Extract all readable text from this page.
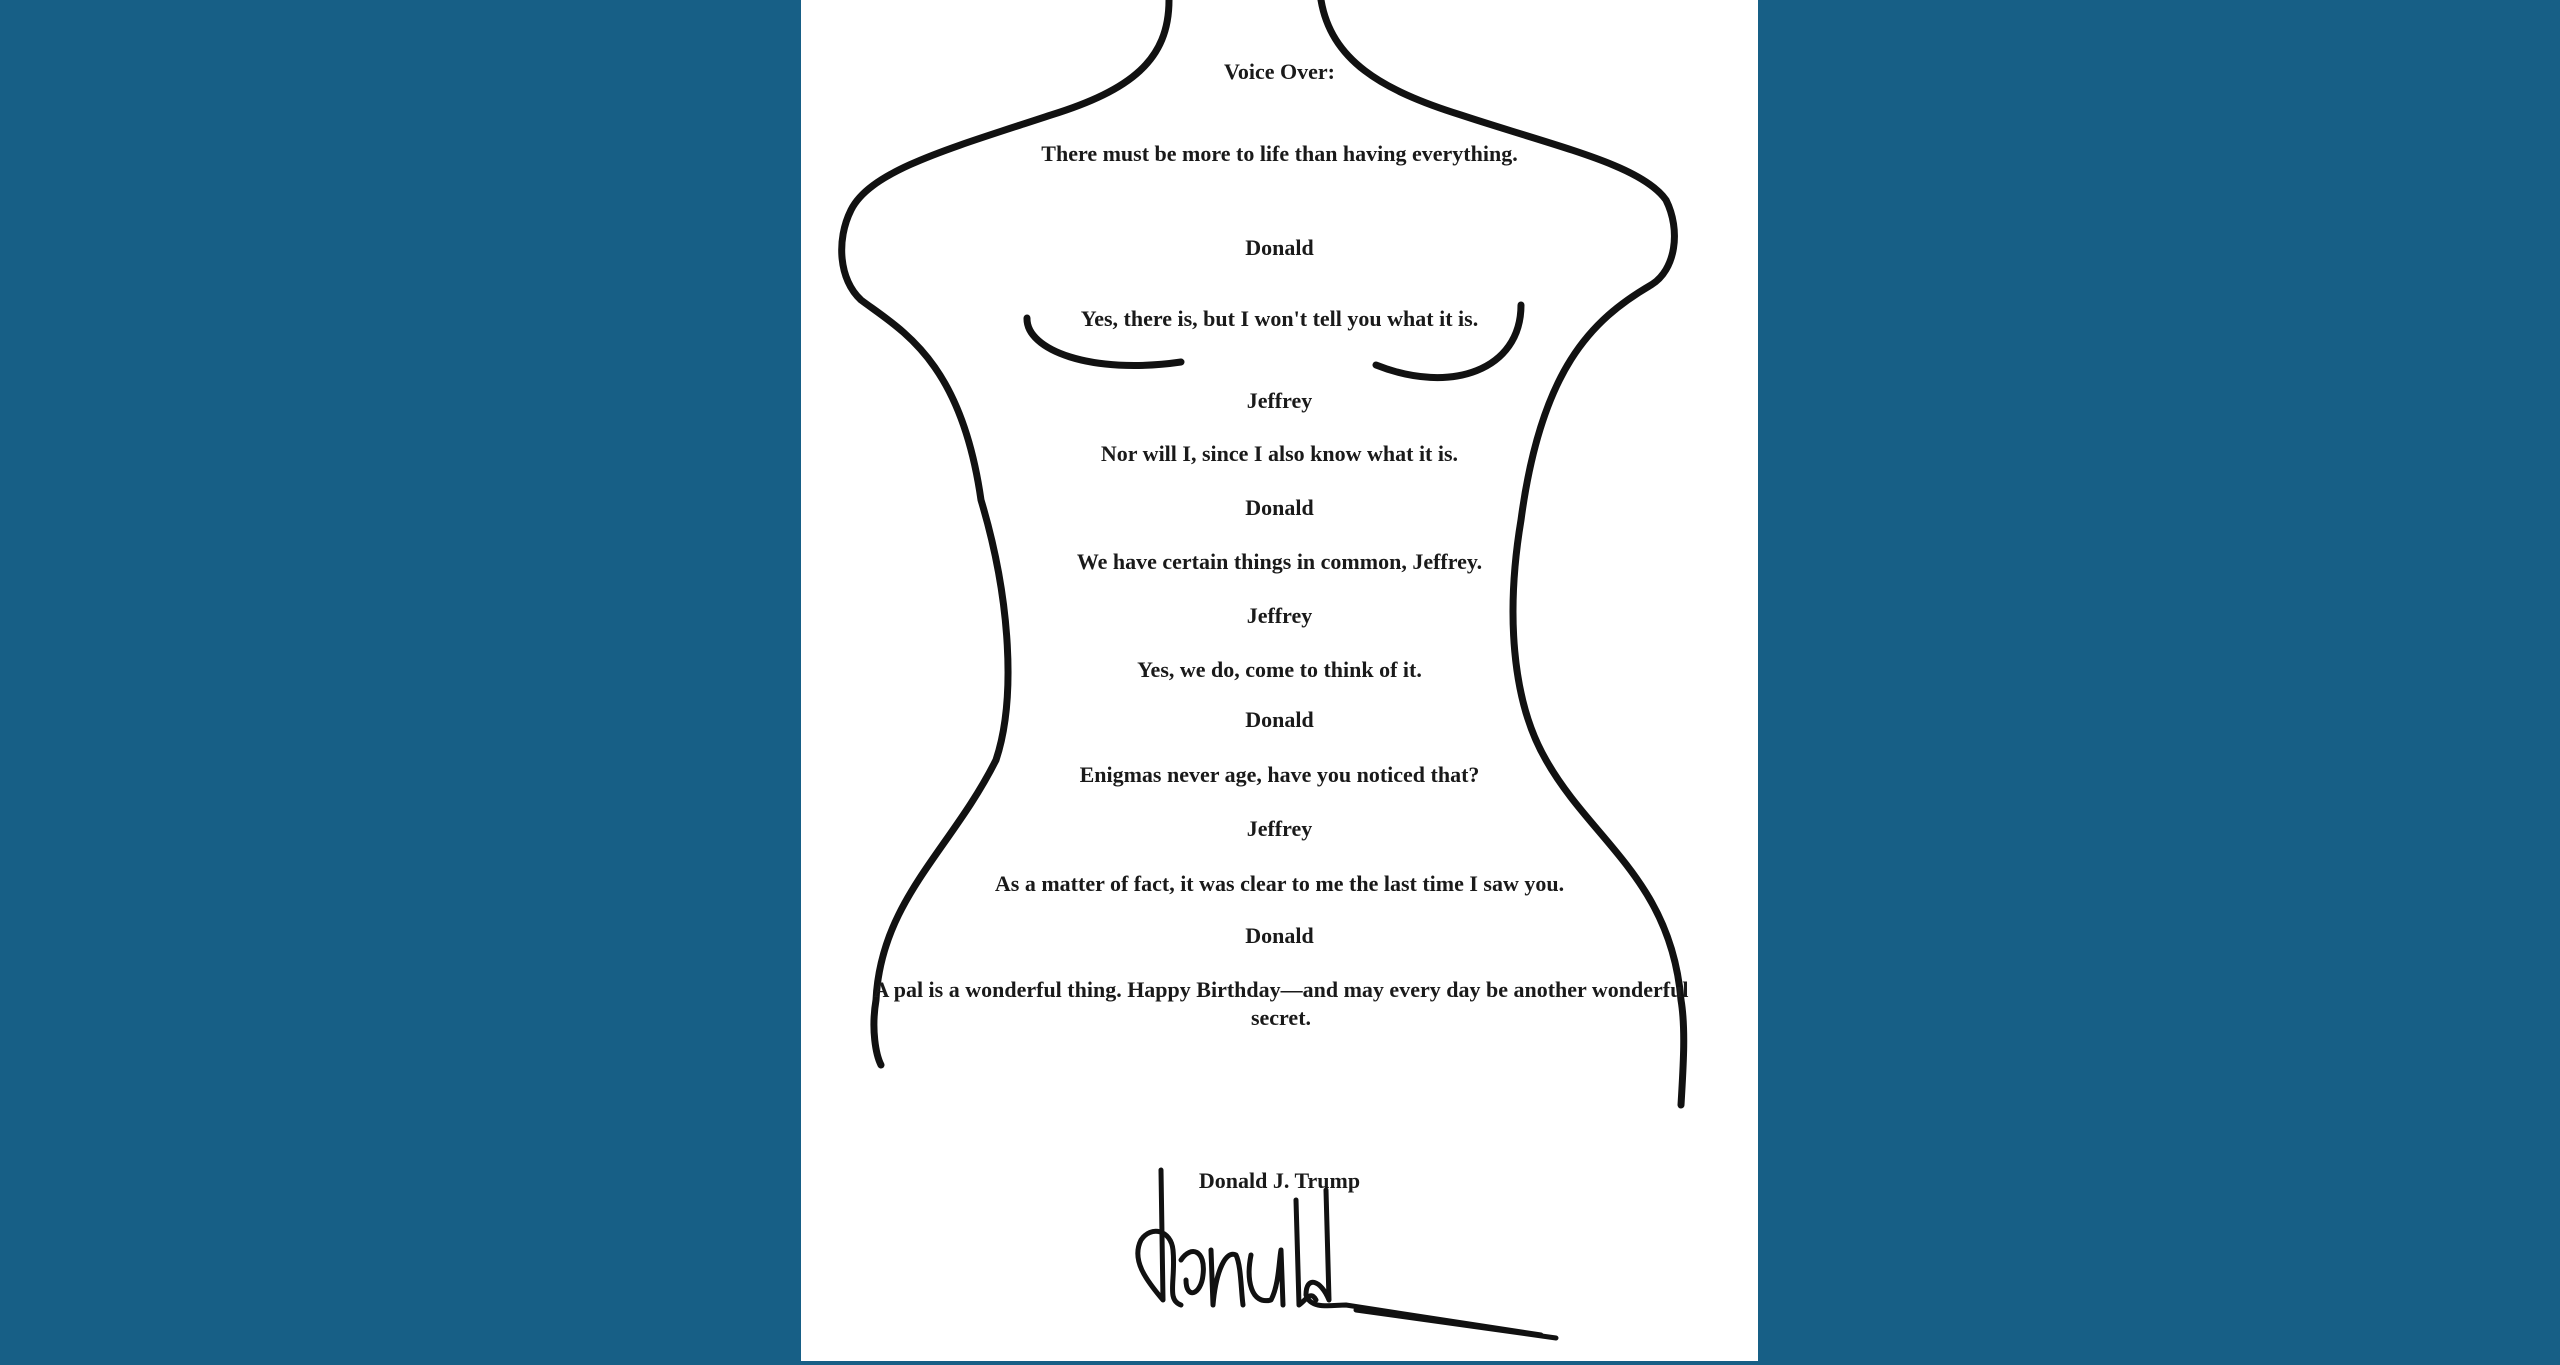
Voice Over:
There must be more to life than having everything.
Donald
Yes, there is, but I won't tell you what it is.
Jeffrey
Nor will I, since I also know what it is.
Donald
We have certain things in common, Jeffrey.
Jeffrey
Yes, we do, come to think of it.
Donald
Enigmas never age, have you noticed that?
Jeffrey
As a matter of fact, it was clear to me the last time I saw you.
Donald
A pal is a wonderful thing. Happy Birthday—and may every day be another wonderful secret.
Donald J. Trump
